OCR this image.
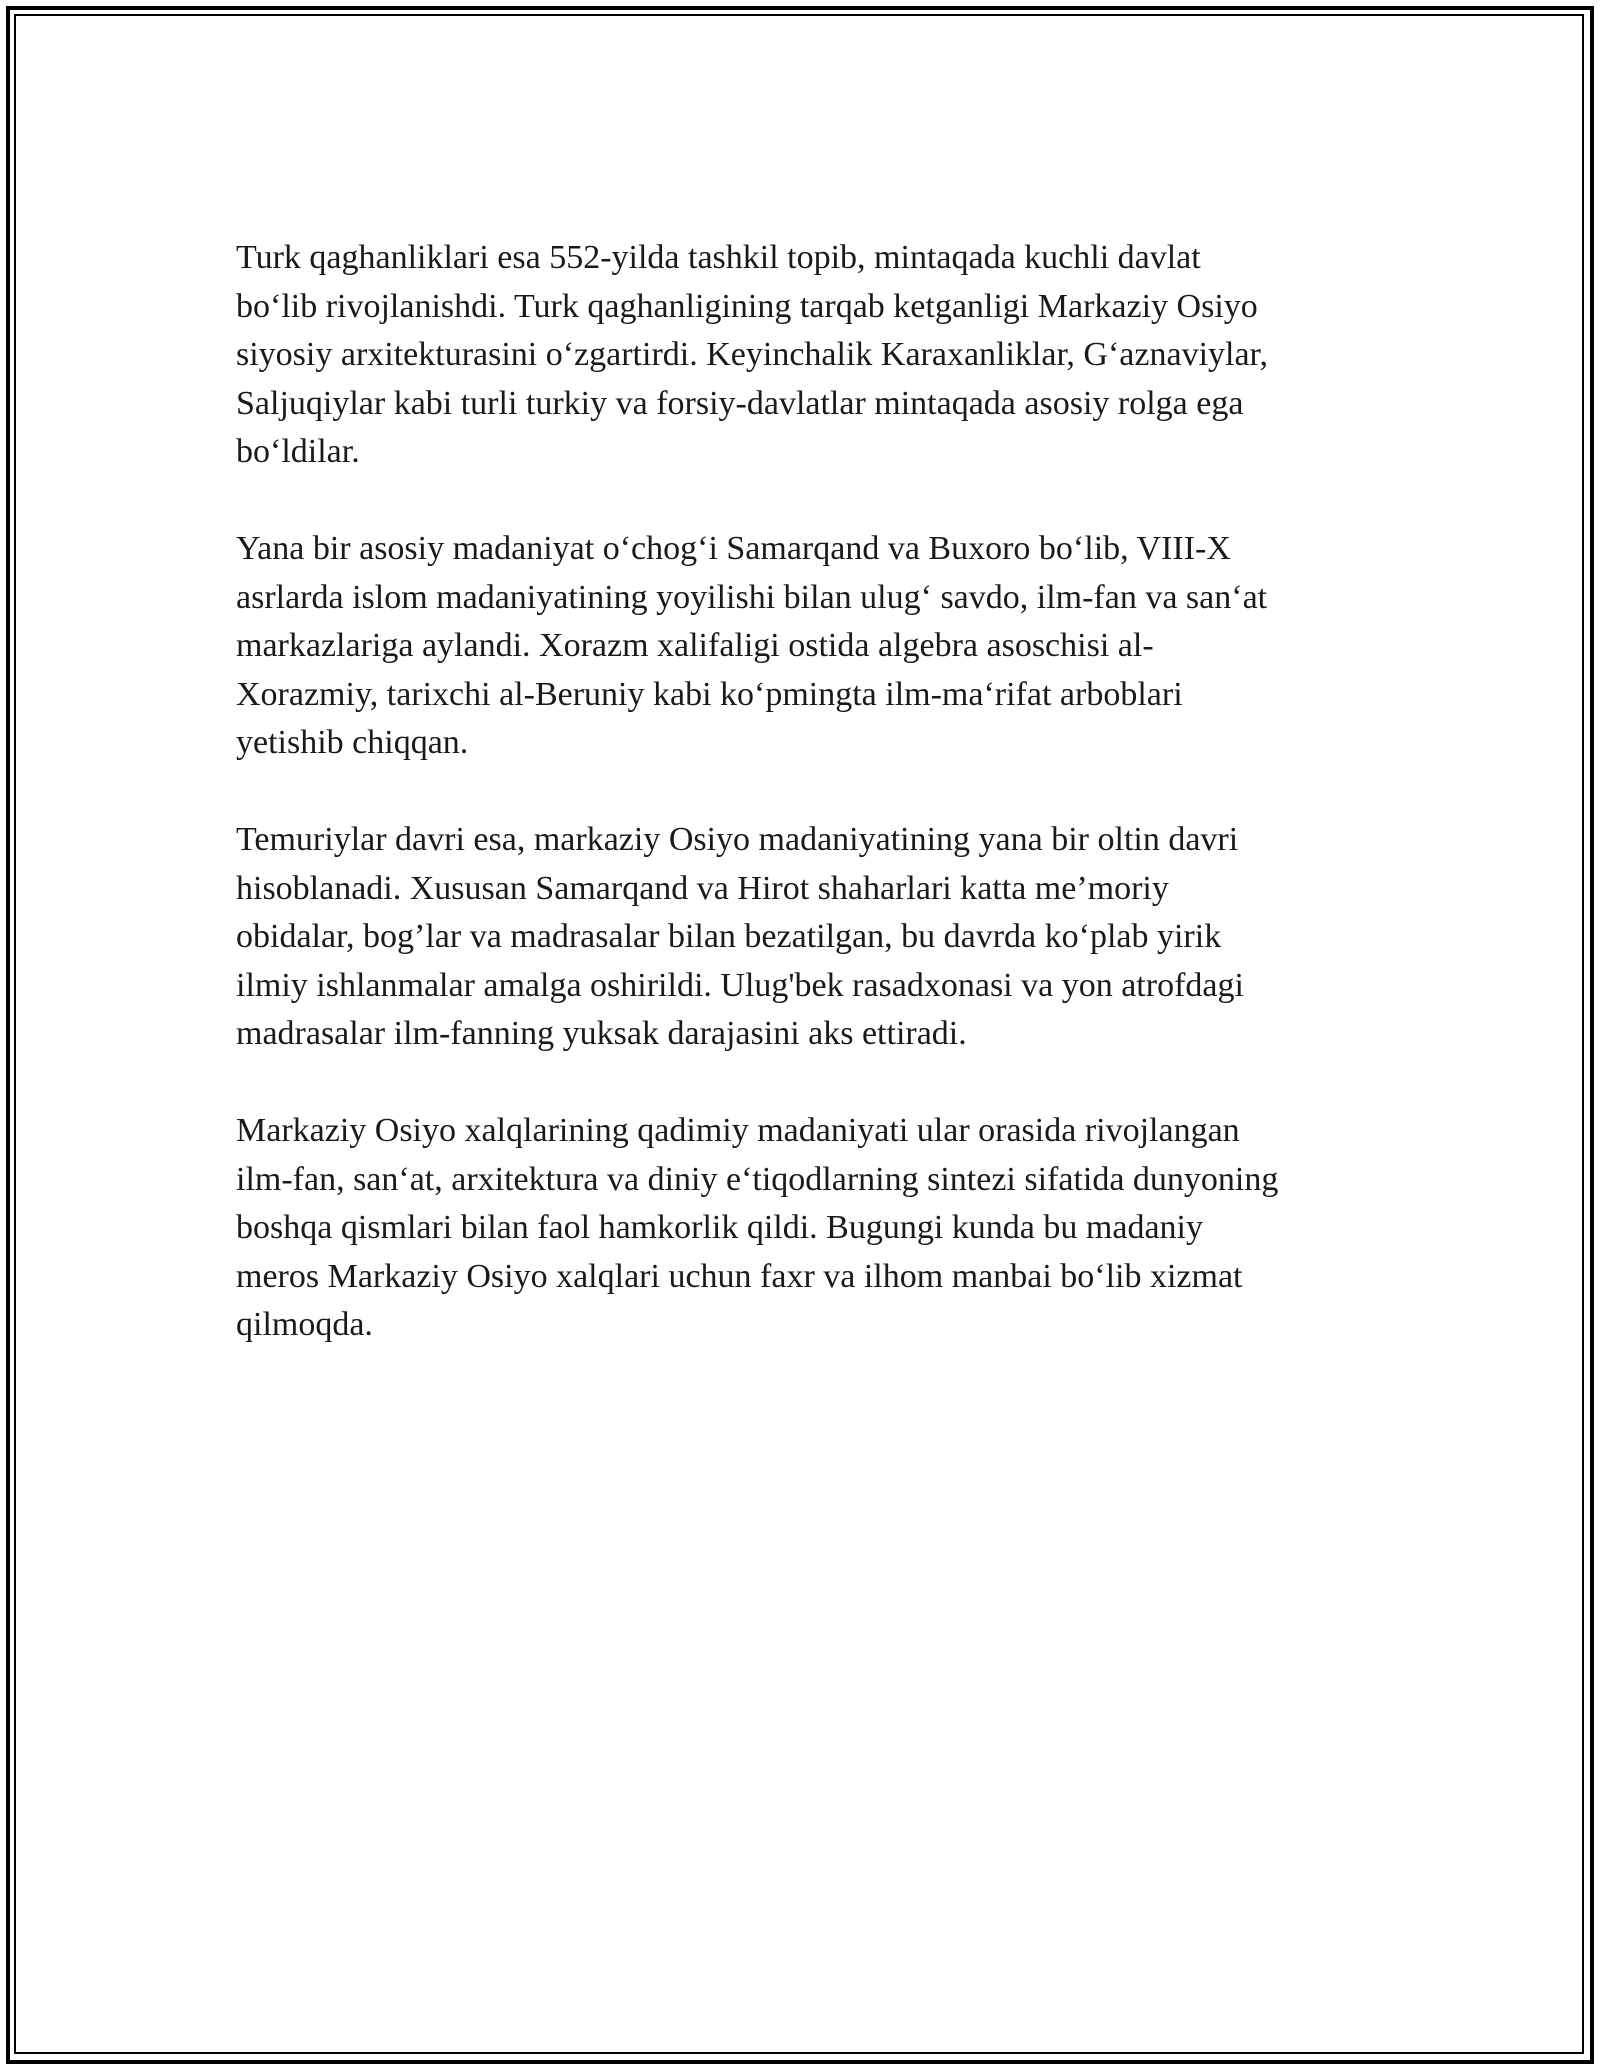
Turk qaghanliklari esa 552-yilda tashkil topib, mintaqada kuchli davlat
bo‘lib rivojlanishdi. Turk qaghanligining tarqab ketganligi Markaziy Osiyo
siyosiy arxitekturasini o‘zgartirdi. Keyinchalik Karaxanliklar, G‘aznaviylar,
Saljuqiylar kabi turli turkiy va forsiy-davlatlar mintaqada asosiy rolga ega
bo‘ldilar.

Yana bir asosiy madaniyat o‘chog‘i Samarqand va Buxoro bo‘lib, VIII-X
asrlarda islom madaniyatining yoyilishi bilan ulug‘ savdo, ilm-fan va san‘at
markazlariga aylandi. Xorazm xalifaligi ostida algebra asoschisi al-
Xorazmiy, tarixchi al-Beruniy kabi ko‘pmingta ilm-ma‘rifat arboblari
yetishib chiqqan.

Temuriylar davri esa, markaziy Osiyo madaniyatining yana bir oltin davri
hisoblanadi. Xususan Samarqand va Hirot shaharlari katta me’moriy
obidalar, bog’lar va madrasalar bilan bezatilgan, bu davrda ko‘plab yirik
ilmiy ishlanmalar amalga oshirildi. Ulug'bek rasadxonasi va yon atrofdagi
madrasalar ilm-fanning yuksak darajasini aks ettiradi.

Markaziy Osiyo xalqlarining qadimiy madaniyati ular orasida rivojlangan
ilm-fan, san‘at, arxitektura va diniy e‘tiqodlarning sintezi sifatida dunyoning
boshqa qismlari bilan faol hamkorlik qildi. Bugungi kunda bu madaniy
meros Markaziy Osiyo xalqlari uchun faxr va ilhom manbai bo‘lib xizmat
qilmoqda.
